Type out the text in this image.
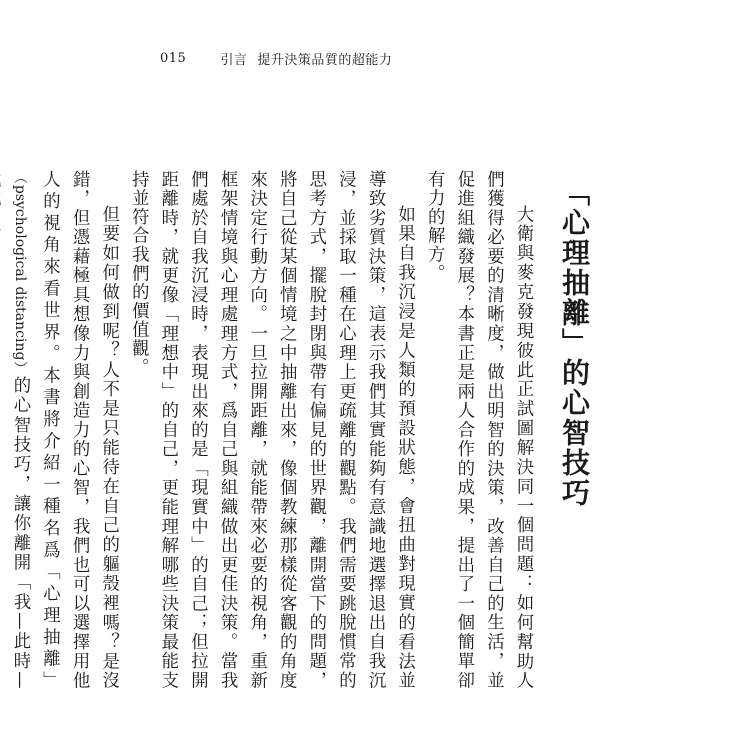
015	引言 提升決策品質的超能力
「心理抽離」的心智技巧

大衛與麥克發現彼此正試圖解決同一個問題：如何幫助人們獲得必要的清晰度，做出明智的決策，改善自己的生活，並促進組織發展？本書正是兩人合作的成果，提出了一個簡單卻有力的解方。

如果自我沉浸是人類的預設狀態，會扭曲對現實的看法並導致劣質決策，這表示我們其實能夠有意識地選擇退出自我沉浸，並採取一種在心理上更疏離的觀點。我們需要跳脫慣常的思考方式，擺脫封閉與帶有偏見的世界觀，離開當下的問題，將自己從某個情境之中抽離出來，像個教練那樣從客觀的角度來決定行動方向。一旦拉開距離，就能帶來必要的視角，重新框架情境與心理處理方式，爲自己與組織做出更佳決策。當我們處於自我沉浸時，表現出來的是「現實中」的自己；但拉開距離時，就更像「理想中」的自己，更能理解哪些決策最能支持並符合我們的價值觀。

但要如何做到呢？人不是只能待在自己的軀殼裡嗎？是沒錯，但憑藉極具想像力與創造力的心智，我們也可以選擇用他人的視角來看世界。本書將介紹一種名爲「心理抽離」（psychological distancing）的心智技巧，讓你離開「我—此時—
